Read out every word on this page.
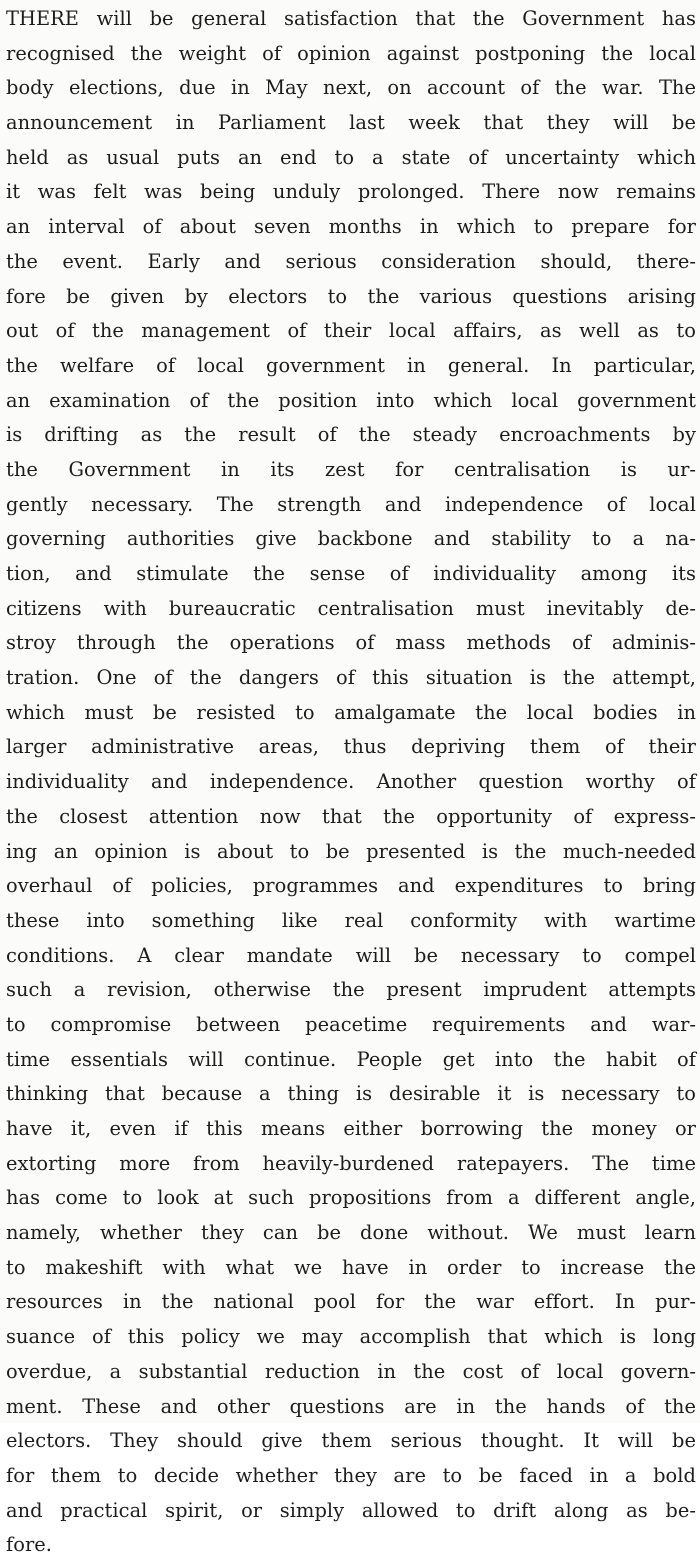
THERE will be general satisfaction that the Government has
recognised the weight of opinion against postponing the local
body elections, due in May next, on account of the war. The
announcement in Parliament last week that they will be
held as usual puts an end to a state of uncertainty which
it was felt was being unduly prolonged. There now remains
an interval of about seven months in which to prepare for
the event. Early and serious consideration should, there-
fore be given by electors to the various questions arising
out of the management of their local affairs, as well as to
the welfare of local government in general. In particular,
an examination of the position into which local government
is drifting as the result of the steady encroachments by
the Government in its zest for centralisation is ur-
gently necessary. The strength and independence of local
governing authorities give backbone and stability to a na-
tion, and stimulate the sense of individuality among its
citizens with bureaucratic centralisation must inevitably de-
stroy through the operations of mass methods of adminis-
tration. One of the dangers of this situation is the attempt,
which must be resisted to amalgamate the local bodies in
larger administrative areas, thus depriving them of their
individuality and independence. Another question worthy of
the closest attention now that the opportunity of express-
ing an opinion is about to be presented is the much-needed
overhaul of policies, programmes and expenditures to bring
these into something like real conformity with wartime
conditions. A clear mandate will be necessary to compel
such a revision, otherwise the present imprudent attempts
to compromise between peacetime requirements and war-
time essentials will continue. People get into the habit of
thinking that because a thing is desirable it is necessary to
have it, even if this means either borrowing the money or
extorting more from heavily-burdened ratepayers. The time
has come to look at such propositions from a different angle,
namely, whether they can be done without. We must learn
to makeshift with what we have in order to increase the
resources in the national pool for the war effort. In pur-
suance of this policy we may accomplish that which is long
overdue, a substantial reduction in the cost of local govern-
ment. These and other questions are in the hands of the
electors. They should give them serious thought. It will be
for them to decide whether they are to be faced in a bold
and practical spirit, or simply allowed to drift along as be-
fore.
